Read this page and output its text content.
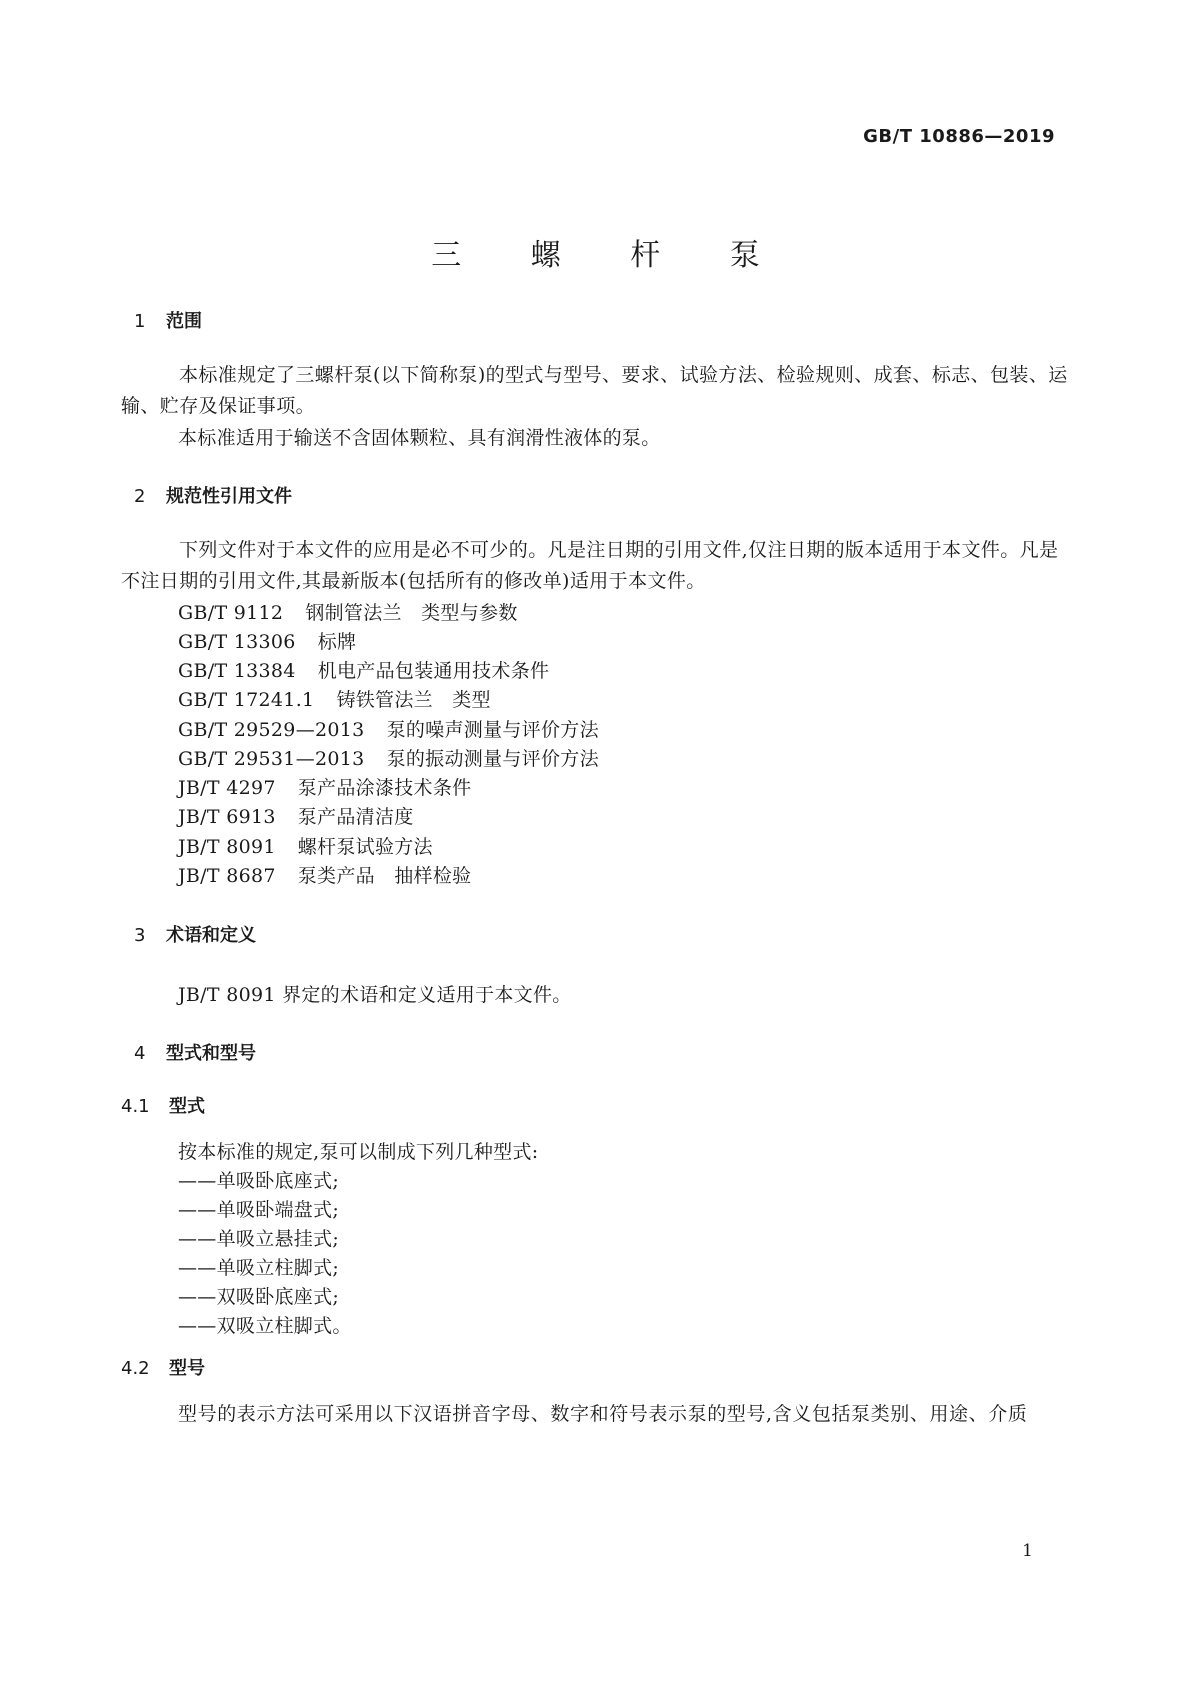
GB/T 10886—2019
三 螺 杆 泵
1 范围
本标准规定了三螺杆泵(以下简称泵)的型式与型号、要求、试验方法、检验规则、成套、标志、包装、运输、贮存及保证事项。
本标准适用于输送不含固体颗粒、具有润滑性液体的泵。
2 规范性引用文件
下列文件对于本文件的应用是必不可少的。凡是注日期的引用文件,仅注日期的版本适用于本文件。凡是不注日期的引用文件,其最新版本(包括所有的修改单)适用于本文件。
GB/T 9112 钢制管法兰　类型与参数
GB/T 13306 标牌
GB/T 13384 机电产品包装通用技术条件
GB/T 17241.1 铸铁管法兰　类型
GB/T 29529—2013 泵的噪声测量与评价方法
GB/T 29531—2013 泵的振动测量与评价方法
JB/T 4297 泵产品涂漆技术条件
JB/T 6913 泵产品清洁度
JB/T 8091 螺杆泵试验方法
JB/T 8687 泵类产品　抽样检验
3 术语和定义
JB/T 8091 界定的术语和定义适用于本文件。
4 型式和型号
4.1 型式
按本标准的规定,泵可以制成下列几种型式:
——单吸卧底座式;
——单吸卧端盘式;
——单吸立悬挂式;
——单吸立柱脚式;
——双吸卧底座式;
——双吸立柱脚式。
4.2 型号
型号的表示方法可采用以下汉语拼音字母、数字和符号表示泵的型号,含义包括泵类别、用途、介质
1
